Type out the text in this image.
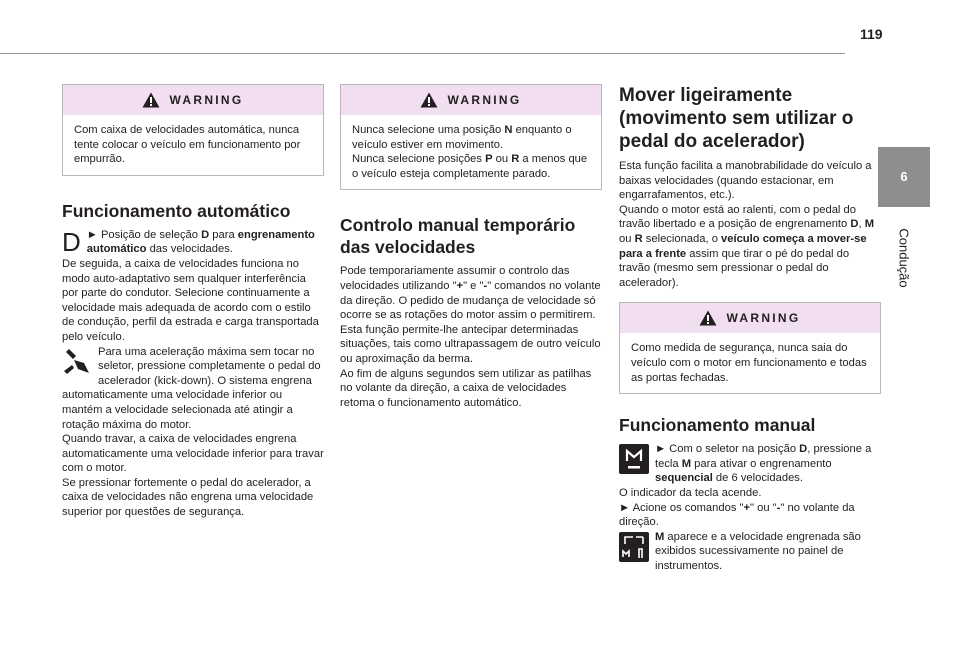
119
6
Condução
WARNING
Com caixa de velocidades automática, nunca tente colocar o veículo em funcionamento por empurrão.
Funcionamento automático

D ► Posição de seleção D para engrenamento automático das velocidades.

De seguida, a caixa de velocidades funciona no modo auto-adaptativo sem qualquer interferência por parte do condutor. Selecione continuamente a velocidade mais adequada de acordo com o estilo de condução, perfil da estrada e carga transportada pelo veículo.

Para uma aceleração máxima sem tocar no seletor, pressione completamente o pedal do acelerador (kick-down). O sistema engrena automaticamente uma velocidade inferior ou mantém a velocidade selecionada até atingir a rotação máxima do motor.

Quando travar, a caixa de velocidades engrena automaticamente uma velocidade inferior para travar com o motor.

Se pressionar fortemente o pedal do acelerador, a caixa de velocidades não engrena uma velocidade superior por questões de segurança.

WARNING

Nunca selecione uma posição N enquanto o veículo estiver em movimento.

Nunca selecione posições P ou R a menos que o veículo esteja completamente parado.

Controlo manual temporário das velocidades

Pode temporariamente assumir o controlo das velocidades utilizando "+" e "-" comandos no volante da direção. O pedido de mudança de velocidade só ocorre se as rotações do motor assim o permitirem.

Esta função permite-lhe antecipar determinadas situações, tais como ultrapassagem de outro veículo ou aproximação da berma.

Ao fim de alguns segundos sem utilizar as patilhas no volante da direção, a caixa de velocidades retoma o funcionamento automático.

Mover ligeiramente (movimento sem utilizar o pedal do acelerador)

Esta função facilita a manobrabilidade do veículo a baixas velocidades (quando estacionar, em engarrafamentos, etc.).

Quando o motor está ao ralenti, com o pedal do travão libertado e a posição de engrenamento D, M ou R selecionada, o veículo começa a mover-se para a frente assim que tirar o pé do pedal do travão (mesmo sem pressionar o pedal do acelerador).

WARNING
Como medida de segurança, nunca saia do veículo com o motor em funcionamento e todas as portas fechadas.
Funcionamento manual

► Com o seletor na posição D, pressione a tecla M para ativar o engrenamento sequencial de 6 velocidades.

O indicador da tecla acende.

► Acione os comandos "+" ou "-" no volante da direção.

M aparece e a velocidade engrenada são exibidos sucessivamente no painel de instrumentos.
